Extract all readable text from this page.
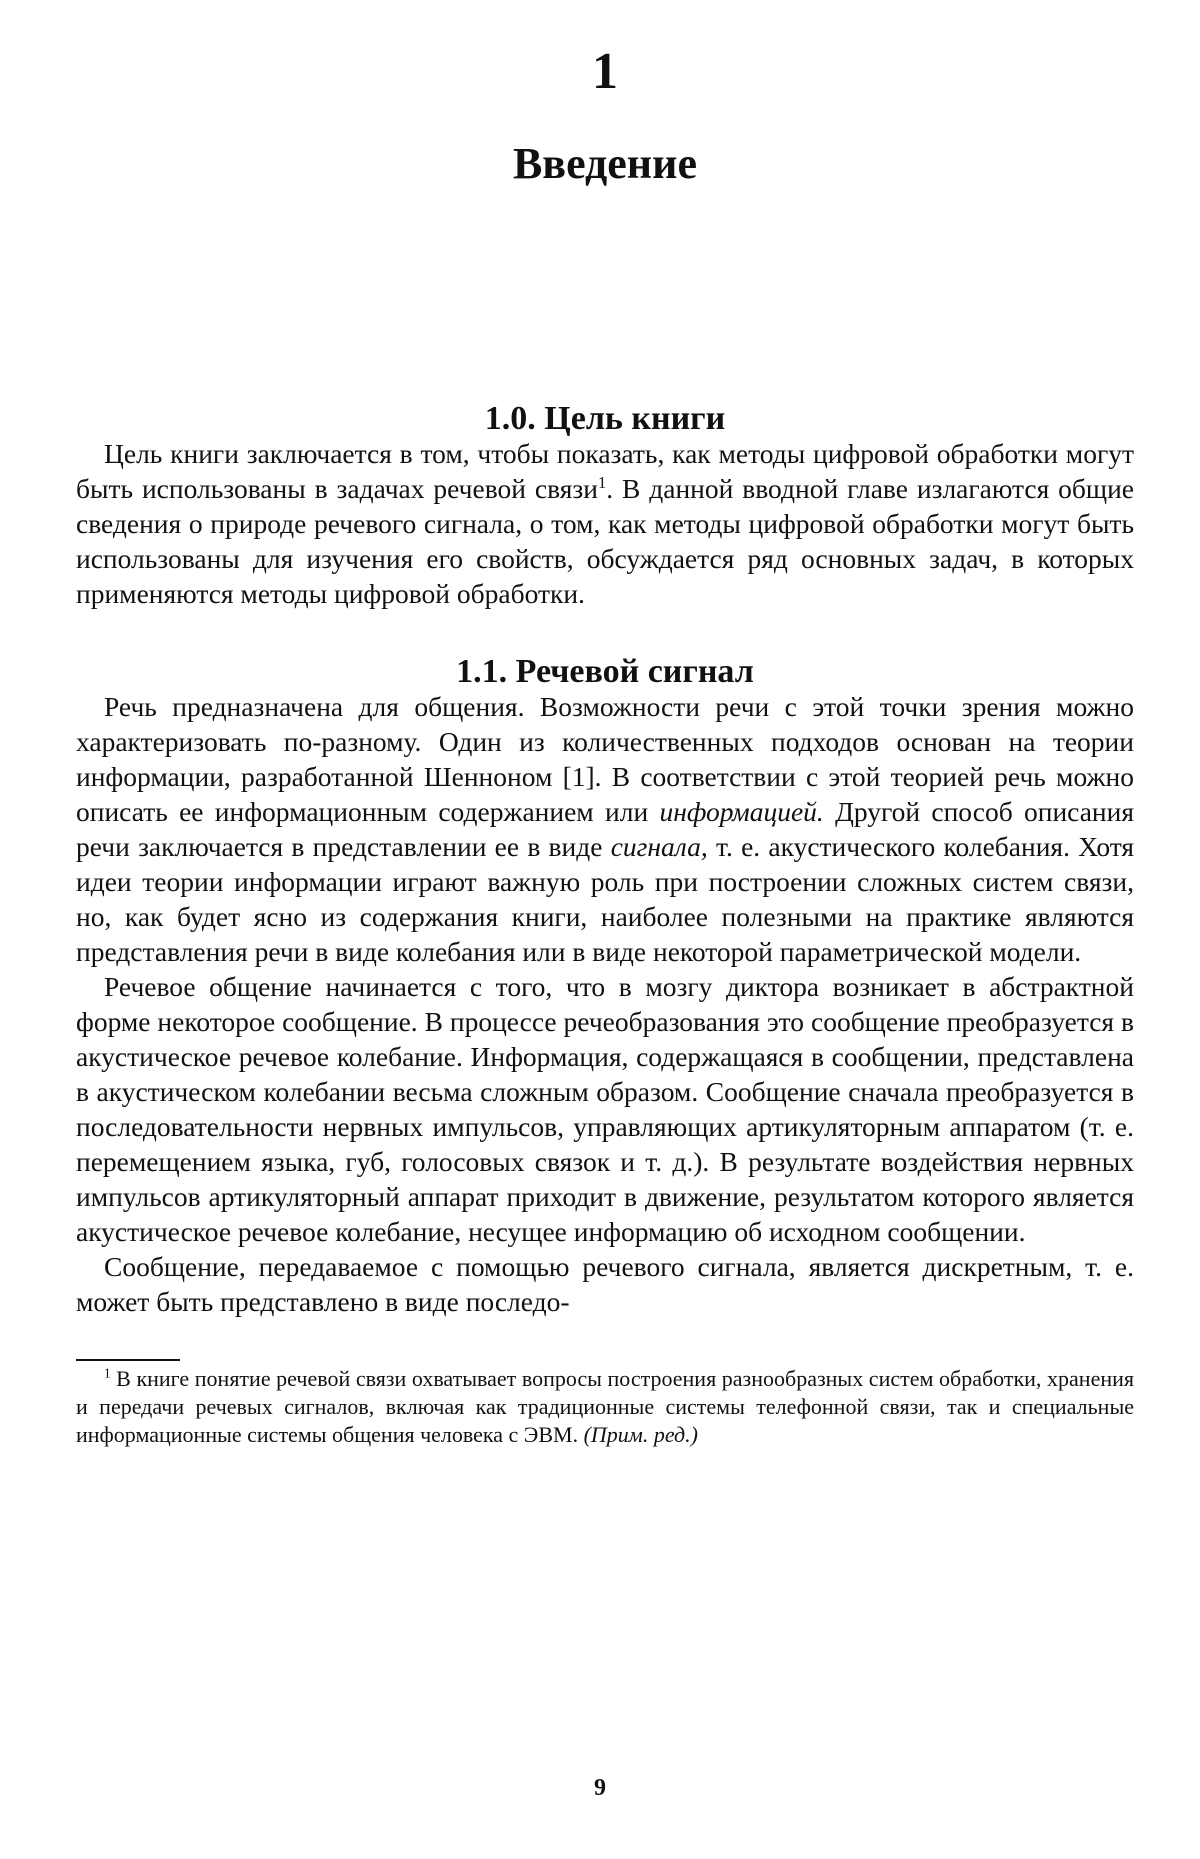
1
Введение
1.0. Цель книги

Цель книги заключается в том, чтобы показать, как методы цифровой обработки могут быть использованы в задачах речевой связи$^1$. В данной вводной главе излагаются общие сведения о природе речевого сигнала, о том, как методы цифровой обработки могут быть использованы для изучения его свойств, обсуждается ряд основных задач, в которых применяются методы цифровой обработки.

1.1. Речевой сигнал

Речь предназначена для общения. Возможности речи с этой точки зрения можно характеризовать по-разному. Один из количественных подходов основан на теории информации, разработанной Шенноном [1]. В соответствии с этой теорией речь можно описать ее информационным содержанием или информацией. Другой способ описания речи заключается в представлении ее в виде сигнала, т. е. акустического колебания. Хотя идеи теории информации играют важную роль при построении сложных систем связи, но, как будет ясно из содержания книги, наиболее полезными на практике являются представления речи в виде колебания или в виде некоторой параметрической модели.

Речевое общение начинается с того, что в мозгу диктора возникает в абстрактной форме некоторое сообщение. В процессе речеобразования это сообщение преобразуется в акустическое речевое колебание. Информация, содержащаяся в сообщении, представлена в акустическом колебании весьма сложным образом. Сообщение сначала преобразуется в последовательности нервных импульсов, управляющих артикуляторным аппаратом (т. е. перемещением языка, губ, голосовых связок и т. д.). В результате воздействия нервных импульсов артикуляторный аппарат приходит в движение, результатом которого является акустическое речевое колебание, несущее информацию об исходном сообщении.

Сообщение, передаваемое с помощью речевого сигнала, является дискретным, т. е. может быть представлено в виде последо-

$^1$ В книге понятие речевой связи охватывает вопросы построения разнообразных систем обработки, хранения и передачи речевых сигналов, включая как традиционные системы телефонной связи, так и специальные информационные системы общения человека с ЭВМ. (Прим. ред.)

9
